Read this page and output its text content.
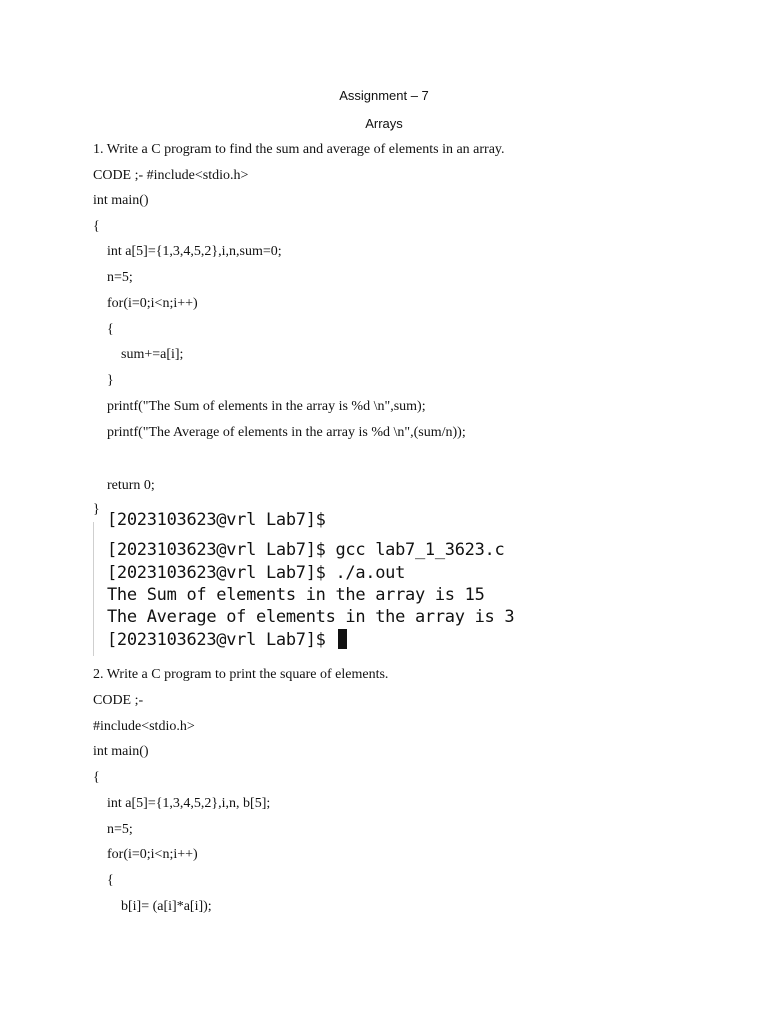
Assignment – 7
Arrays
1. Write a C program to find the sum and average of elements in an array.
CODE ;- #include<stdio.h>
int main()
{
int a[5]={1,3,4,5,2},i,n,sum=0;
n=5;
for(i=0;i<n;i++)
{
sum+=a[i];
}
printf("The Sum of elements in the array is %d \n",sum);
printf("The Average of elements in the array is %d \n",(sum/n));
return 0;
}
[2023103623@vrl Lab7]$
[2023103623@vrl Lab7]$ gcc lab7_1_3623.c
[2023103623@vrl Lab7]$ ./a.out
The Sum of elements in the array is 15
The Average of elements in the array is 3
[2023103623@vrl Lab7]$
2. Write a C program to print the square of elements.
CODE ;-
#include<stdio.h>
int main()
{
int a[5]={1,3,4,5,2},i,n, b[5];
n=5;
for(i=0;i<n;i++)
{
b[i]= (a[i]*a[i]);
